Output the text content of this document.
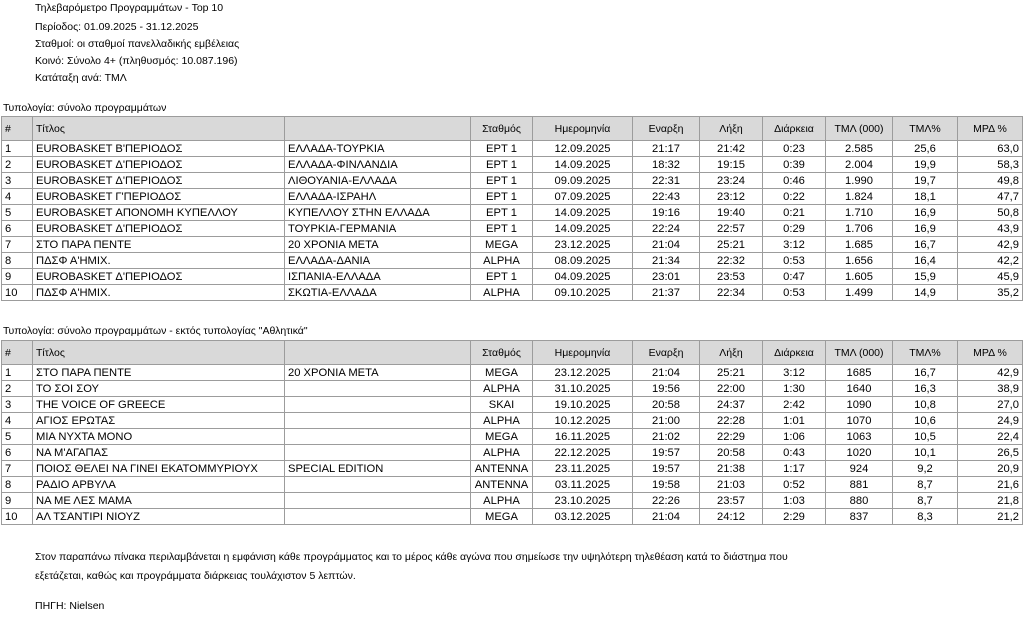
Τηλεβαρόμετρο Προγραμμάτων - Top 10
Περίοδος: 01.09.2025 - 31.12.2025
Σταθμοί: οι σταθμοί πανελλαδικής εμβέλειας
Κοινό: Σύνολο 4+ (πληθυσμός: 10.087.196)
Κατάταξη ανά: ΤΜΛ
Τυπολογία: σύνολο προγραμμάτων
#	Τίτλος		Σταθμός	Ημερομηνία	Εναρξη	Λήξη	Διάρκεια	ΤΜΛ (000)	ΤΜΛ%	ΜΡΔ %
1	EUROBASKET Β'ΠΕΡΙΟΔΟΣ	ΕΛΛΑΔΑ-ΤΟΥΡΚΙΑ	ΕΡΤ 1	12.09.2025	21:17	21:42	0:23	2.585	25,6	63,0
2	EUROBASKET Δ'ΠΕΡΙΟΔΟΣ	ΕΛΛΑΔΑ-ΦΙΝΛΑΝΔΙΑ	ΕΡΤ 1	14.09.2025	18:32	19:15	0:39	2.004	19,9	58,3
3	EUROBASKET Δ'ΠΕΡΙΟΔΟΣ	ΛΙΘΟΥΑΝΙΑ-ΕΛΛΑΔΑ	ΕΡΤ 1	09.09.2025	22:31	23:24	0:46	1.990	19,7	49,8
4	EUROBASKET Γ'ΠΕΡΙΟΔΟΣ	ΕΛΛΑΔΑ-ΙΣΡΑΗΛ	ΕΡΤ 1	07.09.2025	22:43	23:12	0:22	1.824	18,1	47,7
5	EUROBASKET ΑΠΟΝΟΜΗ ΚΥΠΕΛΛΟΥ	ΚΥΠΕΛΛΟΥ ΣΤΗΝ ΕΛΛΑΔΑ	ΕΡΤ 1	14.09.2025	19:16	19:40	0:21	1.710	16,9	50,8
6	EUROBASKET Δ'ΠΕΡΙΟΔΟΣ	ΤΟΥΡΚΙΑ-ΓΕΡΜΑΝΙΑ	ΕΡΤ 1	14.09.2025	22:24	22:57	0:29	1.706	16,9	43,9
7	ΣΤΟ ΠΑΡΑ ΠΕΝΤΕ	20 ΧΡΟΝΙΑ ΜΕΤΑ	MEGA	23.12.2025	21:04	25:21	3:12	1.685	16,7	42,9
8	ΠΔΣΦ Α'ΗΜΙΧ.	ΕΛΛΑΔΑ-ΔΑΝΙΑ	ALPHA	08.09.2025	21:34	22:32	0:53	1.656	16,4	42,2
9	EUROBASKET Δ'ΠΕΡΙΟΔΟΣ	ΙΣΠΑΝΙΑ-ΕΛΛΑΔΑ	ΕΡΤ 1	04.09.2025	23:01	23:53	0:47	1.605	15,9	45,9
10	ΠΔΣΦ Α'ΗΜΙΧ.	ΣΚΩΤΙΑ-ΕΛΛΑΔΑ	ALPHA	09.10.2025	21:37	22:34	0:53	1.499	14,9	35,2
Τυπολογία: σύνολο προγραμμάτων - εκτός τυπολογίας "Αθλητικά"
#	Τίτλος		Σταθμός	Ημερομηνία	Εναρξη	Λήξη	Διάρκεια	ΤΜΛ (000)	ΤΜΛ%	ΜΡΔ %
1	ΣΤΟ ΠΑΡΑ ΠΕΝΤΕ	20 ΧΡΟΝΙΑ ΜΕΤΑ	MEGA	23.12.2025	21:04	25:21	3:12	1685	16,7	42,9
2	ΤΟ ΣΟΙ ΣΟΥ		ALPHA	31.10.2025	19:56	22:00	1:30	1640	16,3	38,9
3	THE VOICE OF GREECE		SKAI	19.10.2025	20:58	24:37	2:42	1090	10,8	27,0
4	ΑΓΙΟΣ ΕΡΩΤΑΣ		ALPHA	10.12.2025	21:00	22:28	1:01	1070	10,6	24,9
5	ΜΙΑ ΝΥΧΤΑ ΜΟΝΟ		MEGA	16.11.2025	21:02	22:29	1:06	1063	10,5	22,4
6	ΝΑ Μ'ΑΓΑΠΑΣ		ALPHA	22.12.2025	19:57	20:58	0:43	1020	10,1	26,5
7	ΠΟΙΟΣ ΘΕΛΕΙ ΝΑ ΓΙΝΕΙ ΕΚΑΤΟΜΜΥΡΙΟΥΧ	SPECIAL EDITION	ANTENNA	23.11.2025	19:57	21:38	1:17	924	9,2	20,9
8	ΡΑΔΙΟ ΑΡΒΥΛΑ		ANTENNA	03.11.2025	19:58	21:03	0:52	881	8,7	21,6
9	ΝΑ ΜΕ ΛΕΣ ΜΑΜΑ		ALPHA	23.10.2025	22:26	23:57	1:03	880	8,7	21,8
10	ΑΛ ΤΣΑΝΤΙΡΙ ΝΙΟΥΖ		MEGA	03.12.2025	21:04	24:12	2:29	837	8,3	21,2
Στον παραπάνω πίνακα περιλαμβάνεται η εμφάνιση κάθε προγράμματος και το μέρος κάθε αγώνα που σημείωσε την υψηλότερη τηλεθέαση κατά το διάστημα που
εξετάζεται, καθώς και προγράμματα διάρκειας τουλάχιστον 5 λεπτών.
ΠΗΓΗ: Nielsen
